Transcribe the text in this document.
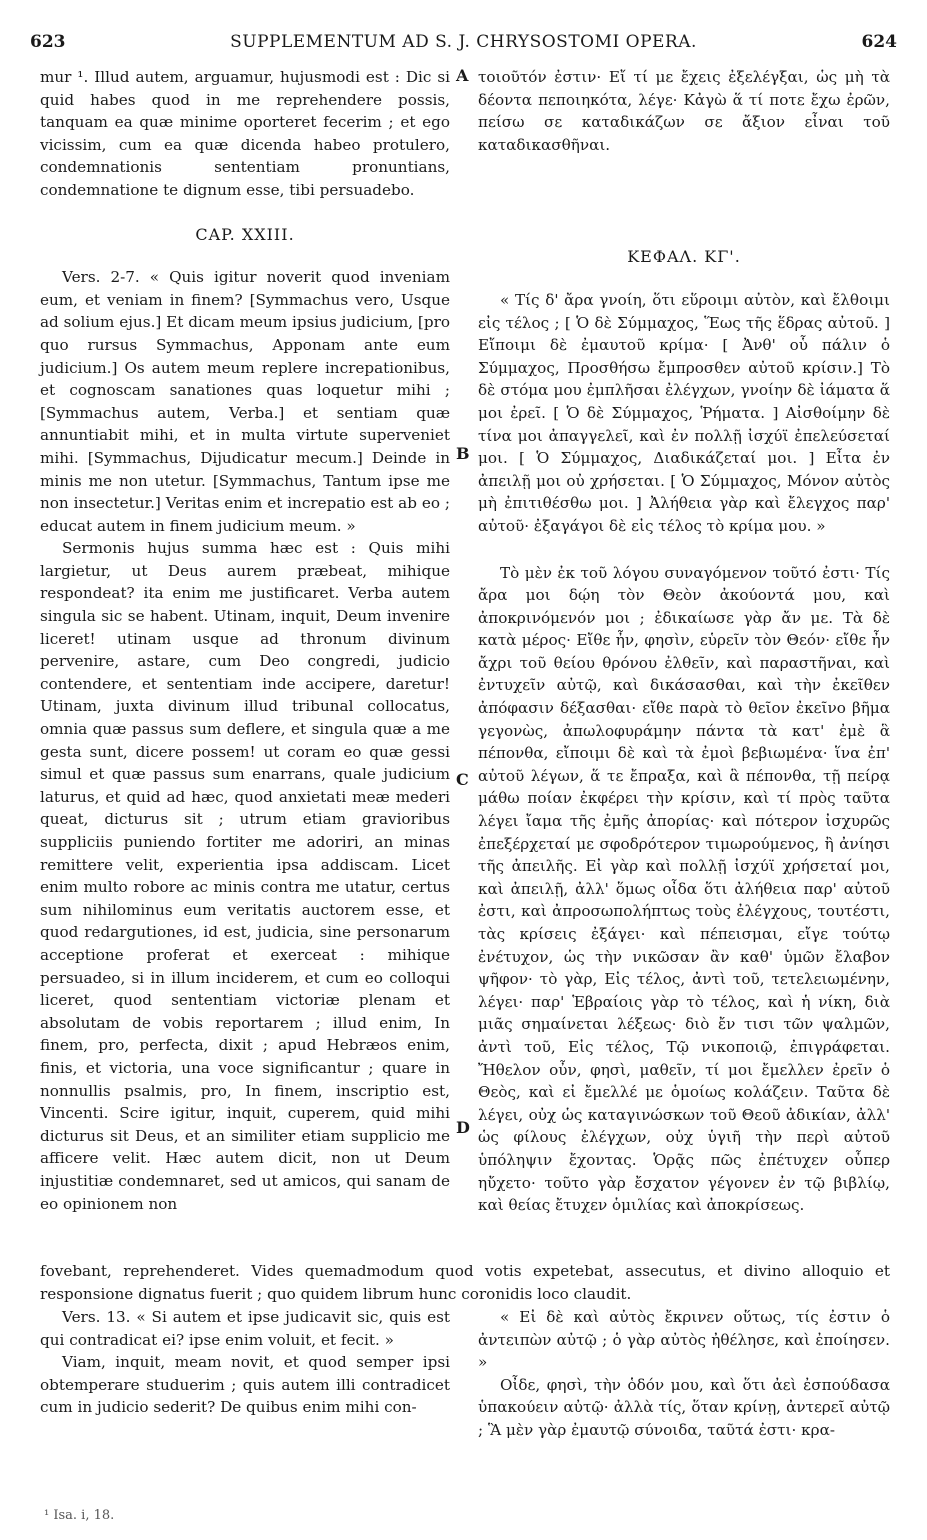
623	SUPPLEMENTUM AD S. J. CHRYSOSTOMI OPERA.	624

mur ¹. Illud autem, arguamur, hujusmodi est : Dic si quid habes quod in me reprehendere possis, tanquam ea quæ minime oporteret fecerim ; et ego vicissim, cum ea quæ dicenda habeo protulero, condemnationis sententiam pronuntians, condemnatione te dignum esse, tibi persuadebo.

CAP. XXIII.

Vers. 2-7. « Quis igitur noverit quod inveniam eum, et veniam in finem? [Symmachus vero, Usque ad solium ejus.] Et dicam meum ipsius judicium, [pro quo rursus Symmachus, Apponam ante eum judicium.] Os autem meum replere increpationibus, et cognoscam sanationes quas loquetur mihi ; [Symmachus autem, Verba.] et sentiam quæ annuntiabit mihi, et in multa virtute superveniet mihi. [Symmachus, Dijudicatur mecum.] Deinde in minis me non utetur. [Symmachus, Tantum ipse me non insectetur.] Veritas enim et increpatio est ab eo ; educat autem in finem judicium meum. »

Sermonis hujus summa hæc est : Quis mihi largietur, ut Deus aurem præbeat, mihique respondeat? ita enim me justificaret. Verba autem singula sic se habent. Utinam, inquit, Deum invenire liceret! utinam usque ad thronum divinum pervenire, astare, cum Deo congredi, judicio contendere, et sententiam inde accipere, daretur! Utinam, juxta divinum illud tribunal collocatus, omnia quæ passus sum deflere, et singula quæ a me gesta sunt, dicere possem! ut coram eo quæ gessi simul et quæ passus sum enarrans, quale judicium laturus, et quid ad hæc, quod anxietati meæ mederi queat, dicturus sit ; utrum etiam gravioribus suppliciis puniendo fortiter me adoriri, an minas remittere velit, experientia ipsa addiscam. Licet enim multo robore ac minis contra me utatur, certus sum nihilominus eum veritatis auctorem esse, et quod redargutiones, id est, judicia, sine personarum acceptione proferat et exerceat : mihique persuadeo, si in illum inciderem, et cum eo colloqui liceret, quod sententiam victoriæ plenam et absolutam de vobis reportarem ; illud enim, In finem, pro, perfecta, dixit ; apud Hebræos enim, finis, et victoria, una voce significantur ; quare in nonnullis psalmis, pro, In finem, inscriptio est, Vincenti. Scire igitur, inquit, cuperem, quid mihi dicturus sit Deus, et an similiter etiam supplicio me afficere velit. Hæc autem dicit, non ut Deum injustitiæ condemnaret, sed ut amicos, qui sanam de eo opinionem non

τοιοῦτόν ἐστιν· Εἴ τί με ἔχεις ἐξελέγξαι, ὡς μὴ τὰ δέοντα πεποιηκότα, λέγε· Κἀγὼ ἅ τί ποτε ἔχω ἐρῶν, πείσω σε καταδικάζων σε ἄξιον εἶναι τοῦ καταδικασθῆναι.

ΚΕΦΑΛ. ΚΓ'.

« Τίς δ' ἄρα γνοίη, ὅτι εὕροιμι αὐτὸν, καὶ ἔλθοιμι εἰς τέλος ; [ Ὁ δὲ Σύμμαχος, Ἕως τῆς ἕδρας αὐτοῦ. ] Εἴποιμι δὲ ἐμαυτοῦ κρίμα· [ Ἀνθ' οὗ πάλιν ὁ Σύμμαχος, Προσθήσω ἔμπροσθεν αὐτοῦ κρίσιν.] Τὸ δὲ στόμα μου ἐμπλῆσαι ἐλέγχων, γνοίην δὲ ἰάματα ἅ μοι ἐρεῖ. [ Ὁ δὲ Σύμμαχος, Ῥήματα. ] Αἰσθοίμην δὲ τίνα μοι ἀπαγγελεῖ, καὶ ἐν πολλῇ ἰσχύϊ ἐπελεύσεταί μοι. [ Ὁ Σύμμαχος, Διαδικάζεταί μοι. ] Εἶτα ἐν ἀπειλῇ μοι οὐ χρήσεται. [ Ὁ Σύμμαχος, Μόνον αὐτὸς μὴ ἐπιτιθέσθω μοι. ] Ἀλήθεια γὰρ καὶ ἔλεγχος παρ' αὐτοῦ· ἐξαγάγοι δὲ εἰς τέλος τὸ κρίμα μου. »

Τὸ μὲν ἐκ τοῦ λόγου συναγόμενον τοῦτό ἐστι· Τίς ἄρα μοι δῴη τὸν Θεὸν ἀκούοντά μου, καὶ ἀποκρινόμενόν μοι ; ἐδικαίωσε γὰρ ἄν με. Τὰ δὲ κατὰ μέρος· Εἴθε ἦν, φησὶν, εὑρεῖν τὸν Θεόν· εἴθε ἦν ἄχρι τοῦ θείου θρόνου ἐλθεῖν, καὶ παραστῆναι, καὶ ἐντυχεῖν αὐτῷ, καὶ δικάσασθαι, καὶ τὴν ἐκεῖθεν ἀπόφασιν δέξασθαι· εἴθε παρὰ τὸ θεῖον ἐκεῖνο βῆμα γεγονὼς, ἀπωλοφυράμην πάντα τὰ κατ' ἐμὲ ἃ πέπονθα, εἴποιμι δὲ καὶ τὰ ἐμοὶ βεβιωμένα· ἵνα ἐπ' αὐτοῦ λέγων, ἅ τε ἔπραξα, καὶ ἃ πέπονθα, τῇ πείρᾳ μάθω ποίαν ἐκφέρει τὴν κρίσιν, καὶ τί πρὸς ταῦτα λέγει ἴαμα τῆς ἐμῆς ἀπορίας· καὶ πότερον ἰσχυρῶς ἐπεξέρχεταί με σφοδρότερον τιμωρούμενος, ἢ ἀνίησι τῆς ἀπειλῆς. Εἰ γὰρ καὶ πολλῇ ἰσχύϊ χρήσεταί μοι, καὶ ἀπειλῇ, ἀλλ' ὅμως οἶδα ὅτι ἀλήθεια παρ' αὐτοῦ ἐστι, καὶ ἀπροσωπολήπτως τοὺς ἐλέγχους, τουτέστι, τὰς κρίσεις ἐξάγει· καὶ πέπεισμαι, εἴγε τούτῳ ἐνέτυχον, ὡς τὴν νικῶσαν ἂν καθ' ὑμῶν ἔλαβον ψῆφον· τὸ γὰρ, Εἰς τέλος, ἀντὶ τοῦ, τετελειωμένην, λέγει· παρ' Ἑβραίοις γὰρ τὸ τέλος, καὶ ἡ νίκη, διὰ μιᾶς σημαίνεται λέξεως· διὸ ἔν τισι τῶν ψαλμῶν, ἀντὶ τοῦ, Εἰς τέλος, Τῷ νικοποιῷ, ἐπιγράφεται. Ἤθελον οὖν, φησὶ, μαθεῖν, τί μοι ἔμελλεν ἐρεῖν ὁ Θεὸς, καὶ εἰ ἔμελλέ με ὁμοίως κολάζειν. Ταῦτα δὲ λέγει, οὐχ ὡς καταγινώσκων τοῦ Θεοῦ ἀδικίαν, ἀλλ' ὡς φίλους ἐλέγχων, οὐχ ὑγιῆ τὴν περὶ αὐτοῦ ὑπόληψιν ἔχοντας. Ὁρᾷς πῶς ἐπέτυχεν οὗπερ ηὔχετο· τοῦτο γὰρ ἔσχατον γέγονεν ἐν τῷ βιβλίῳ, καὶ θείας ἔτυχεν ὁμιλίας καὶ ἀποκρίσεως.

A
B
C
D

fovebant, reprehenderet. Vides quemadmodum quod votis expetebat, assecutus, et divino alloquio et responsione dignatus fuerit ; quo quidem librum hunc coronidis loco claudit.

Vers. 13. « Si autem et ipse judicavit sic, quis est qui contradicat ei? ipse enim voluit, et fecit. »

Viam, inquit, meam novit, et quod semper ipsi obtemperare studuerim ; quis autem illi contradicet cum in judicio sederit? De quibus enim mihi con-

« Εἰ δὲ καὶ αὐτὸς ἔκρινεν οὕτως, τίς ἐστιν ὁ ἀντειπὼν αὐτῷ ; ὁ γὰρ αὐτὸς ἠθέλησε, καὶ ἐποίησεν. »

Οἶδε, φησὶ, τὴν ὁδόν μου, καὶ ὅτι ἀεὶ ἐσπούδασα ὑπακούειν αὐτῷ· ἀλλὰ τίς, ὅταν κρίνῃ, ἀντερεῖ αὐτῷ ; Ἃ μὲν γὰρ ἐμαυτῷ σύνοιδα, ταῦτά ἐστι· κρα-

¹ Isa. i, 18.
